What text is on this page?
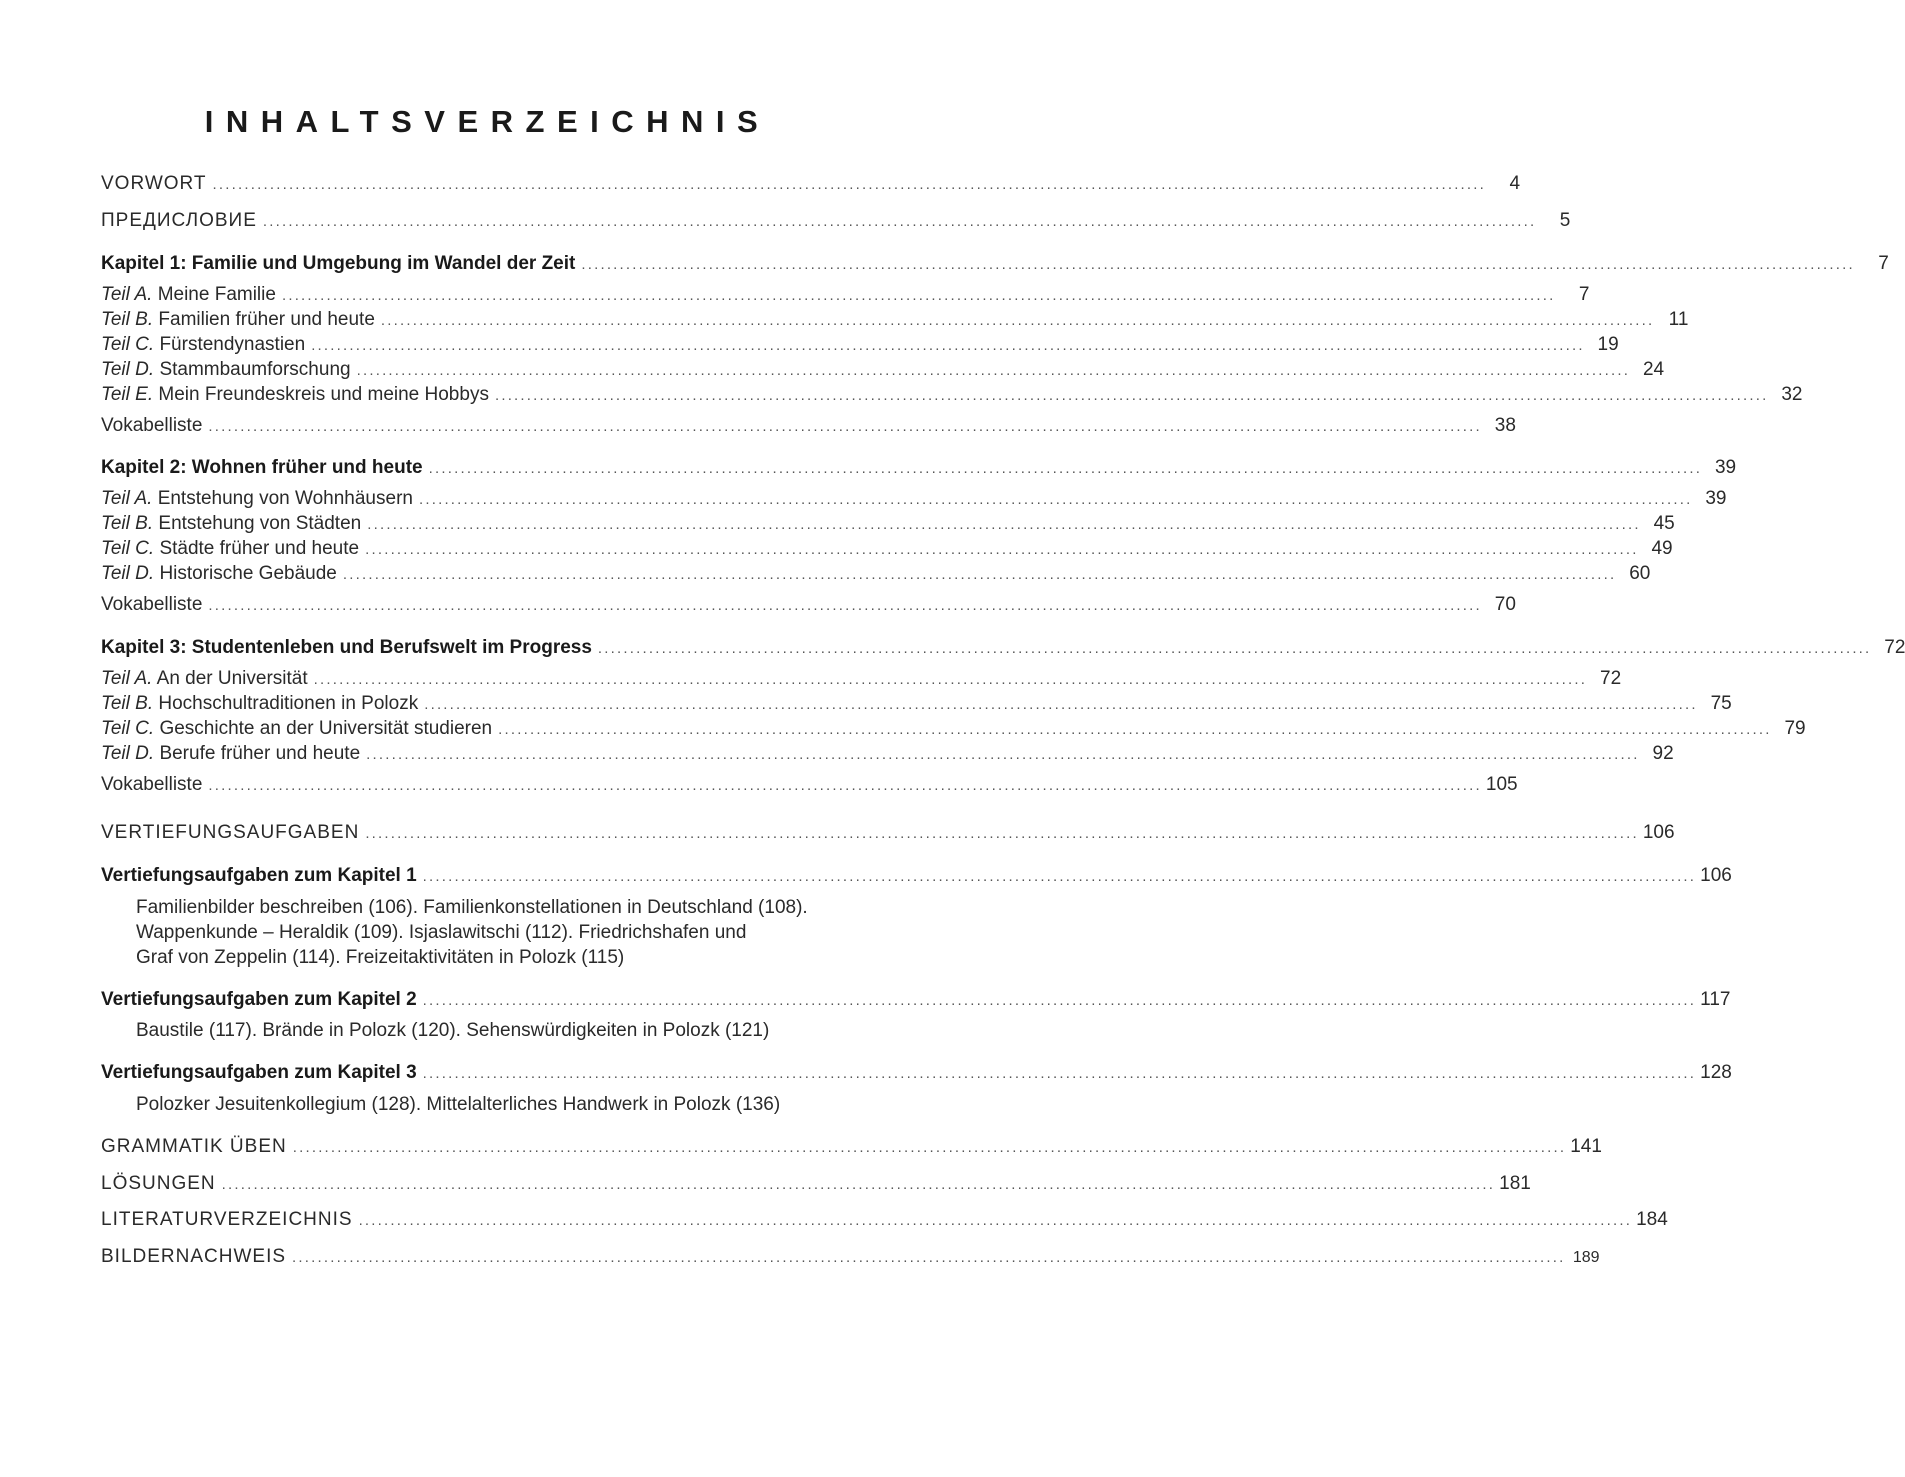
INHALTSVERZEICHNIS
VORWORT ........................................................................................................................................................................................................	4
ПРЕДИСЛОВИЕ ........................................................................................................................................................................................................	5
Kapitel 1: Familie und Umgebung im Wandel der Zeit ........................................................................................................................................................................................................	7
Teil A. Meine Familie ........................................................................................................................................................................................................	7
Teil B. Familien früher und heute ........................................................................................................................................................................................................ 11
Teil C. Fürstendynastien ........................................................................................................................................................................................................ 19
Teil D. Stammbaumforschung ........................................................................................................................................................................................................ 24
Teil E. Mein Freundeskreis und meine Hobbys ........................................................................................................................................................................................................ 32
Vokabelliste ........................................................................................................................................................................................................ 38
Kapitel 2: Wohnen früher und heute ........................................................................................................................................................................................................ 39
Teil A. Entstehung von Wohnhäusern ........................................................................................................................................................................................................ 39
Teil B. Entstehung von Städten ........................................................................................................................................................................................................ 45
Teil C. Städte früher und heute ........................................................................................................................................................................................................ 49
Teil D. Historische Gebäude ........................................................................................................................................................................................................ 60
Vokabelliste ........................................................................................................................................................................................................ 70
Kapitel 3: Studentenleben und Berufswelt im Progress ........................................................................................................................................................................................................ 72
Teil A. An der Universität ........................................................................................................................................................................................................ 72
Teil B. Hochschultraditionen in Polozk ........................................................................................................................................................................................................ 75
Teil C. Geschichte an der Universität studieren ........................................................................................................................................................................................................ 79
Teil D. Berufe früher und heute ........................................................................................................................................................................................................ 92
Vokabelliste ........................................................................................................................................................................................................ 105
VERTIEFUNGSAUFGABEN ........................................................................................................................................................................................................ 106
Vertiefungsaufgaben zum Kapitel 1 ........................................................................................................................................................................................................ 106
Familienbilder beschreiben (106). Familienkonstellationen in Deutschland (108).
Wappenkunde – Heraldik (109). Isjaslawitschi (112). Friedrichshafen und
Graf von Zeppelin (114). Freizeitaktivitäten in Polozk (115)
Vertiefungsaufgaben zum Kapitel 2 ........................................................................................................................................................................................................ 117
Baustile (117). Brände in Polozk (120). Sehenswürdigkeiten in Polozk (121)
Vertiefungsaufgaben zum Kapitel 3 ........................................................................................................................................................................................................ 128
Polozker Jesuitenkollegium (128). Mittelalterliches Handwerk in Polozk (136)
GRAMMATIK ÜBEN ........................................................................................................................................................................................................ 141
LÖSUNGEN ........................................................................................................................................................................................................ 181
LITERATURVERZEICHNIS ........................................................................................................................................................................................................ 184
BILDERNACHWEIS ........................................................................................................................................................................................................ 189
